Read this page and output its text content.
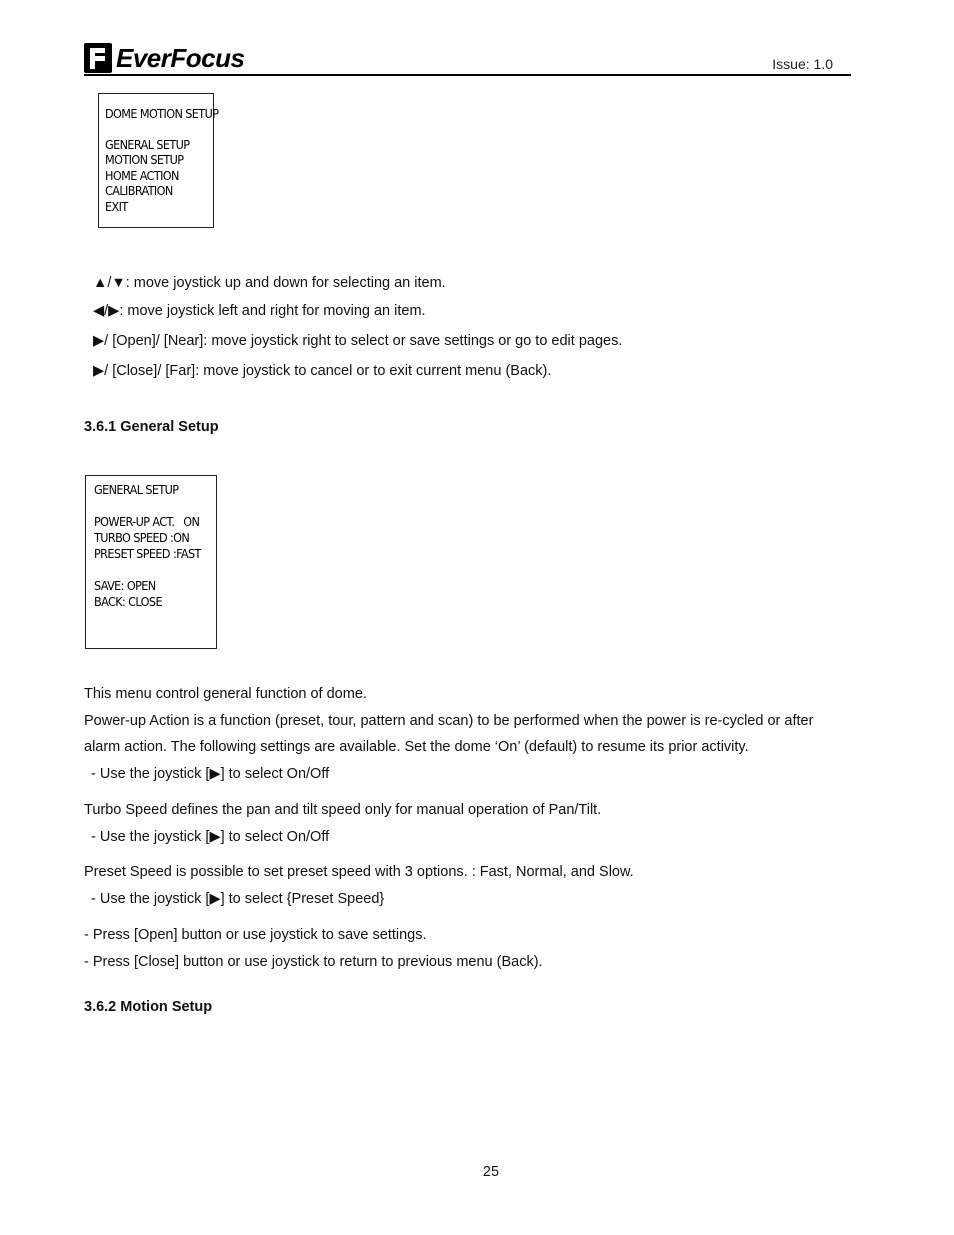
EverFocus	Issue: 1.0
DOME MOTION SETUP
GENERAL SETUP
MOTION SETUP
HOME ACTION
CALIBRATION
EXIT
▲/▼: move joystick up and down for selecting an item.
◀/▶: move joystick left and right for moving an item.
▶/ [Open]/ [Near]: move joystick right to select or save settings or go to edit pages.
▶/ [Close]/ [Far]: move joystick to cancel or to exit current menu (Back).
3.6.1 General Setup
GENERAL SETUP
POWER-UP ACT.   ON
TURBO SPEED :ON
PRESET SPEED :FAST
SAVE: OPEN
BACK: CLOSE
This menu control general function of dome.
Power-up Action is a function (preset, tour, pattern and scan) to be performed when the power is re-cycled or after
alarm action. The following settings are available. Set the dome ‘On’ (default) to resume its prior activity.
- Use the joystick [▶] to select On/Off
Turbo Speed defines the pan and tilt speed only for manual operation of Pan/Tilt.
- Use the joystick [▶] to select On/Off
Preset Speed is possible to set preset speed with 3 options. : Fast, Normal, and Slow.
- Use the joystick [▶] to select {Preset Speed}
- Press [Open] button or use joystick to save settings.
- Press [Close] button or use joystick to return to previous menu (Back).
3.6.2 Motion Setup
25
